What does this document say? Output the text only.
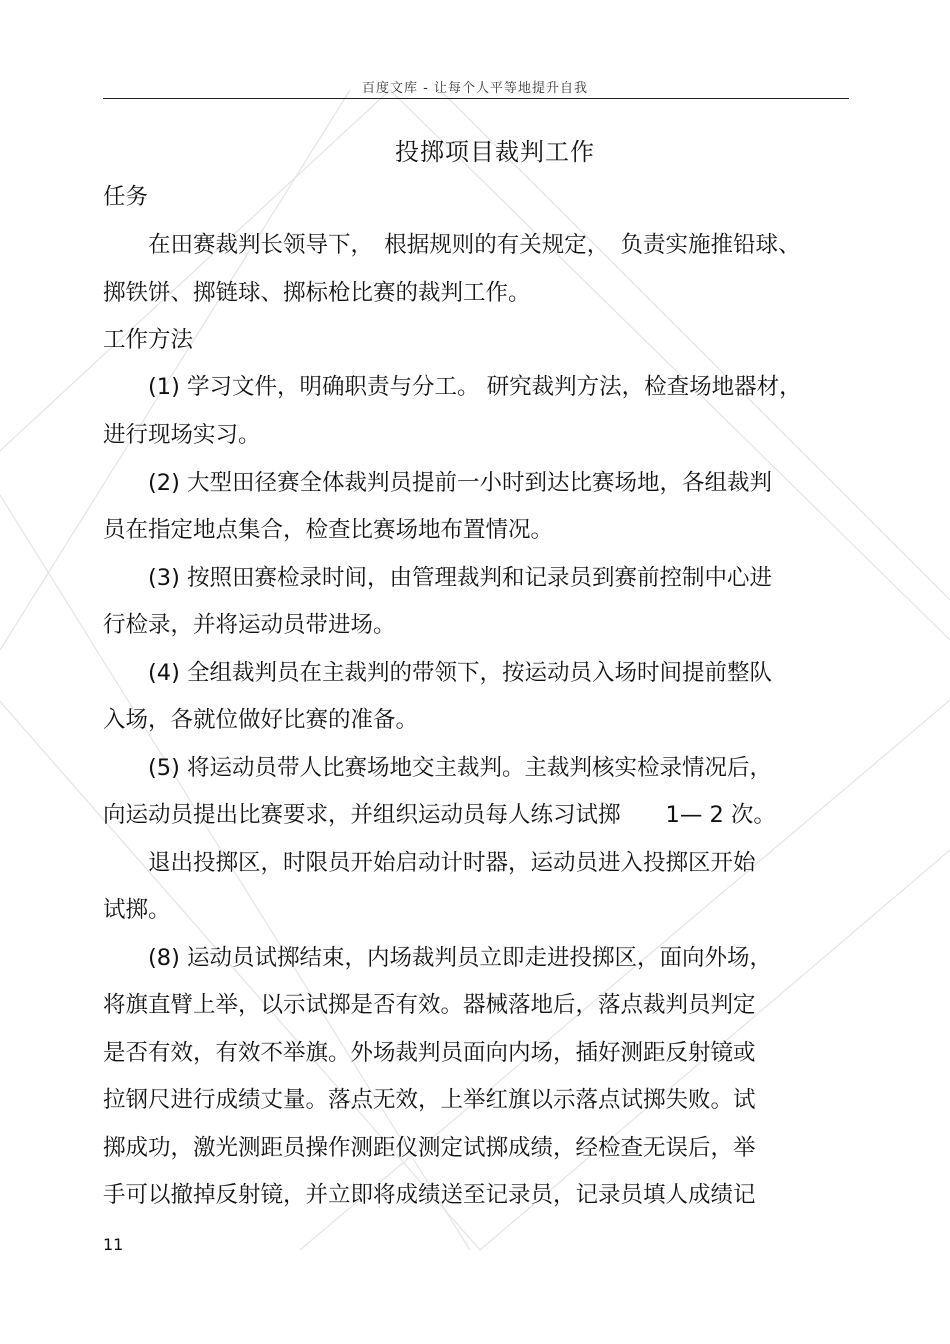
百度文库 - 让每个人平等地提升自我
投掷项目裁判工作
任务
　　在田赛裁判长领导下，　根据规则的有关规定，　负责实施推铅球、
掷铁饼、掷链球、掷标枪比赛的裁判工作。
工作方法
　　(1) 学习文件，明确职责与分工。 研究裁判方法，检查场地器材，
进行现场实习。
　　(2) 大型田径赛全体裁判员提前一小时到达比赛场地，各组裁判
员在指定地点集合，检查比赛场地布置情况。
　　(3) 按照田赛检录时间，由管理裁判和记录员到赛前控制中心进
行检录，并将运动员带进场。
　　(4) 全组裁判员在主裁判的带领下，按运动员入场时间提前整队
入场，各就位做好比赛的准备。
　　(5) 将运动员带人比赛场地交主裁判。主裁判核实检录情况后，
向运动员提出比赛要求，并组织运动员每人练习试掷　　1— 2 次。
　　退出投掷区，时限员开始启动计时器，运动员进入投掷区开始
试掷。
　　(8) 运动员试掷结束，内场裁判员立即走进投掷区，面向外场，
将旗直臂上举，以示试掷是否有效。器械落地后，落点裁判员判定
是否有效，有效不举旗。外场裁判员面向内场，插好测距反射镜或
拉钢尺进行成绩丈量。落点无效，上举红旗以示落点试掷失败。试
掷成功，激光测距员操作测距仪测定试掷成绩，经检查无误后，举
手可以撤掉反射镜，并立即将成绩送至记录员，记录员填人成绩记
11
